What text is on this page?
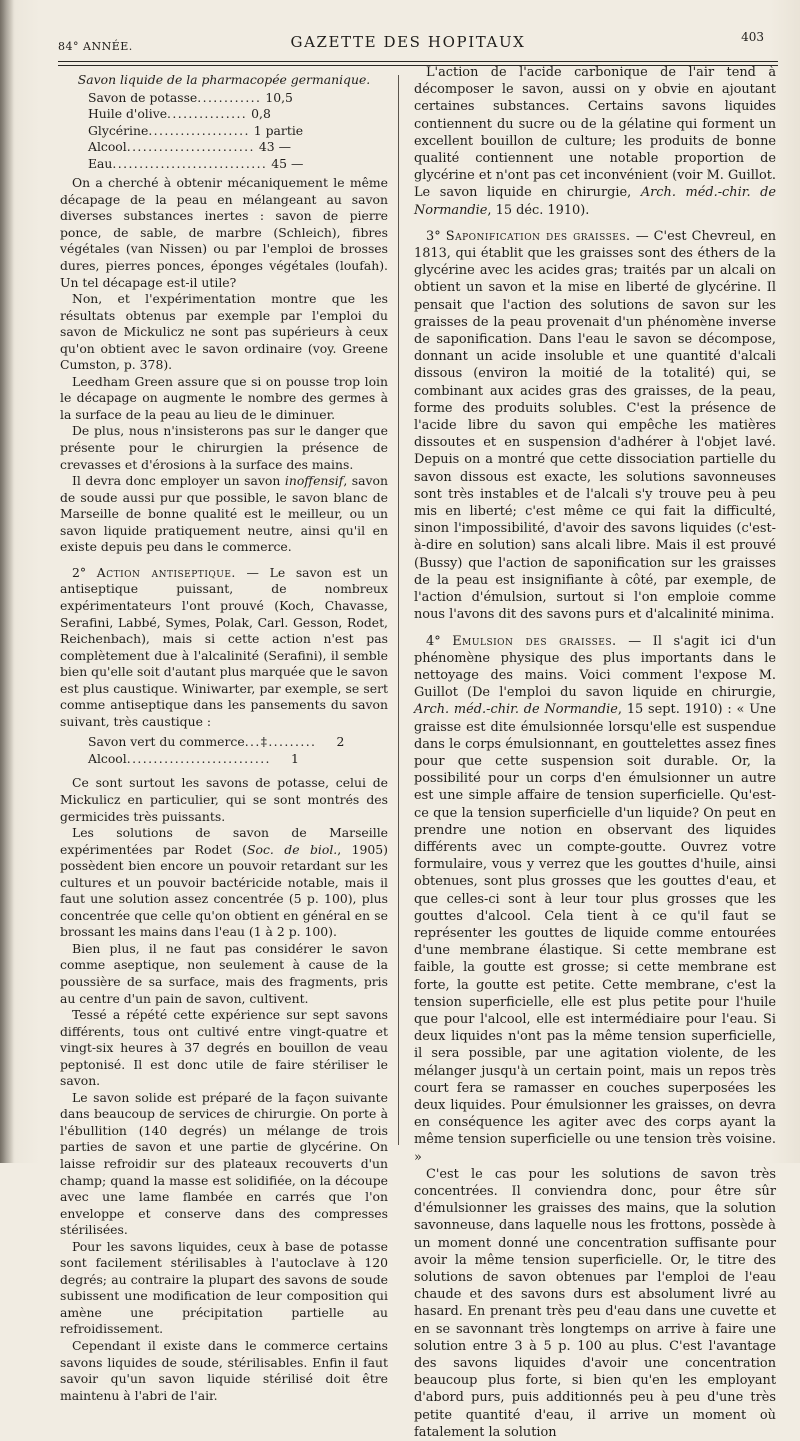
84° ANNÉE.	GAZETTE DES HOPITAUX	403

Savon liquide de la pharmacopée germanique.

Savon de potasse ............ 10,5
Huile d'olive ............... 0,8
Glycérine ................... 1 partie
Alcool ........................ 43 —
Eau ............................. 45 —

On a cherché à obtenir mécaniquement le même décapage de la peau en mélangeant au savon diverses substances inertes : savon de pierre ponce, de sable, de marbre (Schleich), fibres végétales (van Nissen) ou par l'emploi de brosses dures, pierres ponces, éponges végétales (loufah). Un tel décapage est-il utile?

Non, et l'expérimentation montre que les résultats obtenus par exemple par l'emploi du savon de Mickulicz ne sont pas supérieurs à ceux qu'on obtient avec le savon ordinaire (voy. Greene Cumston, p. 378).

Leedham Green assure que si on pousse trop loin le décapage on augmente le nombre des germes à la surface de la peau au lieu de le diminuer.

De plus, nous n'insisterons pas sur le danger que présente pour le chirurgien la présence de crevasses et d'érosions à la surface des mains.

Il devra donc employer un savon inoffensif, savon de soude aussi pur que possible, le savon blanc de Marseille de bonne qualité est le meilleur, ou un savon liquide pratiquement neutre, ainsi qu'il en existe depuis peu dans le commerce.

2° Action antiseptique. — Le savon est un antiseptique puissant, de nombreux expérimentateurs l'ont prouvé (Koch, Chavasse, Serafini, Labbé, Symes, Polak, Carl. Gesson, Rodet, Reichenbach), mais si cette action n'est pas complètement due à l'alcalinité (Serafini), il semble bien qu'elle soit d'autant plus marquée que le savon est plus caustique. Winiwarter, par exemple, se sert comme antiseptique dans les pansements du savon suivant, très caustique :

Savon vert du commerce ...‡.........	2
Alcool ...........................	1

Ce sont surtout les savons de potasse, celui de Mickulicz en particulier, qui se sont montrés des germicides très puissants.

Les solutions de savon de Marseille expérimentées par Rodet (Soc. de biol., 1905) possèdent bien encore un pouvoir retardant sur les cultures et un pouvoir bactéricide notable, mais il faut une solution assez concentrée (5 p. 100), plus concentrée que celle qu'on obtient en général en se brossant les mains dans l'eau (1 à 2 p. 100).

Bien plus, il ne faut pas considérer le savon comme aseptique, non seulement à cause de la poussière de sa surface, mais des fragments, pris au centre d'un pain de savon, cultivent.

Tessé a répété cette expérience sur sept savons différents, tous ont cultivé entre vingt-quatre et vingt-six heures à 37 degrés en bouillon de veau peptonisé. Il est donc utile de faire stériliser le savon.

Le savon solide est préparé de la façon suivante dans beaucoup de services de chirurgie. On porte à l'ébullition (140 degrés) un mélange de trois parties de savon et une partie de glycérine. On laisse refroidir sur des plateaux recouverts d'un champ; quand la masse est solidifiée, on la découpe avec une lame flambée en carrés que l'on enveloppe et conserve dans des compresses stérilisées.

Pour les savons liquides, ceux à base de potasse sont facilement stérilisables à l'autoclave à 120 degrés; au contraire la plupart des savons de soude subissent une modification de leur composition qui amène une précipitation partielle au refroidissement.

Cependant il existe dans le commerce certains savons liquides de soude, stérilisables. Enfin il faut savoir qu'un savon liquide stérilisé doit être maintenu à l'abri de l'air.

L'action de l'acide carbonique de l'air tend à décomposer le savon, aussi on y obvie en ajoutant certaines substances. Certains savons liquides contiennent du sucre ou de la gélatine qui forment un excellent bouillon de culture; les produits de bonne qualité contiennent une notable proportion de glycérine et n'ont pas cet inconvénient (voir M. Guillot. Le savon liquide en chirurgie, Arch. méd.-chir. de Normandie, 15 déc. 1910).

3° Saponification des graisses. — C'est Chevreul, en 1813, qui établit que les graisses sont des éthers de la glycérine avec les acides gras; traités par un alcali on obtient un savon et la mise en liberté de glycérine. Il pensait que l'action des solutions de savon sur les graisses de la peau provenait d'un phénomène inverse de saponification. Dans l'eau le savon se décompose, donnant un acide insoluble et une quantité d'alcali dissous (environ la moitié de la totalité) qui, se combinant aux acides gras des graisses, de la peau, forme des produits solubles. C'est la présence de l'acide libre du savon qui empêche les matières dissoutes et en suspension d'adhérer à l'objet lavé. Depuis on a montré que cette dissociation partielle du savon dissous est exacte, les solutions savonneuses sont très instables et de l'alcali s'y trouve peu à peu mis en liberté; c'est même ce qui fait la difficulté, sinon l'impossibilité, d'avoir des savons liquides (c'est-à-dire en solution) sans alcali libre. Mais il est prouvé (Bussy) que l'action de saponification sur les graisses de la peau est insignifiante à côté, par exemple, de l'action d'émulsion, surtout si l'on emploie comme nous l'avons dit des savons purs et d'alcalinité minima.

4° Emulsion des graisses. — Il s'agit ici d'un phénomène physique des plus importants dans le nettoyage des mains. Voici comment l'expose M. Guillot (De l'emploi du savon liquide en chirurgie, Arch. méd.-chir. de Normandie, 15 sept. 1910) : « Une graisse est dite émulsionnée lorsqu'elle est suspendue dans le corps émulsionnant, en gouttelettes assez fines pour que cette suspension soit durable. Or, la possibilité pour un corps d'en émulsionner un autre est une simple affaire de tension superficielle. Qu'est-ce que la tension superficielle d'un liquide? On peut en prendre une notion en observant des liquides différents avec un compte-goutte. Ouvrez votre formulaire, vous y verrez que les gouttes d'huile, ainsi obtenues, sont plus grosses que les gouttes d'eau, et que celles-ci sont à leur tour plus grosses que les gouttes d'alcool. Cela tient à ce qu'il faut se représenter les gouttes de liquide comme entourées d'une membrane élastique. Si cette membrane est faible, la goutte est grosse; si cette membrane est forte, la goutte est petite. Cette membrane, c'est la tension superficielle, elle est plus petite pour l'huile que pour l'alcool, elle est intermédiaire pour l'eau. Si deux liquides n'ont pas la même tension superficielle, il sera possible, par une agitation violente, de les mélanger jusqu'à un certain point, mais un repos très court fera se ramasser en couches superposées les deux liquides. Pour émulsionner les graisses, on devra en conséquence les agiter avec des corps ayant la même tension superficielle ou une tension très voisine. »

C'est le cas pour les solutions de savon très concentrées. Il conviendra donc, pour être sûr d'émulsionner les graisses des mains, que la solution savonneuse, dans laquelle nous les frottons, possède à un moment donné une concentration suffisante pour avoir la même tension superficielle. Or, le titre des solutions de savon obtenues par l'emploi de l'eau chaude et des savons durs est absolument livré au hasard. En prenant très peu d'eau dans une cuvette et en se savonnant très longtemps on arrive à faire une solution entre 3 à 5 p. 100 au plus. C'est l'avantage des savons liquides d'avoir une concentration beaucoup plus forte, si bien qu'en les employant d'abord purs, puis additionnés peu à peu d'une très petite quantité d'eau, il arrive un moment où fatalement la solution
